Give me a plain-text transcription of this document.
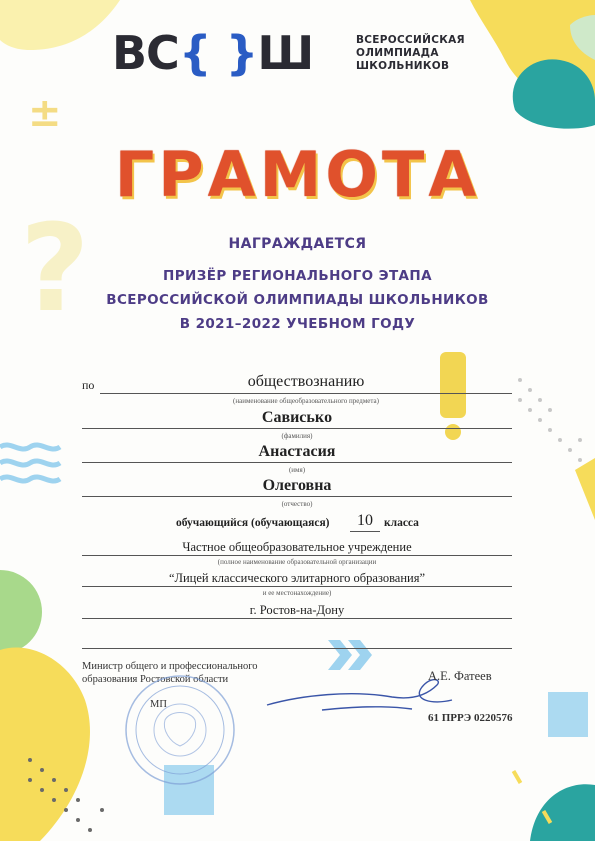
±
?
ВС{ }Ш	ВСЕРОССИЙСКАЯ
ОЛИМПИАДА
ШКОЛЬНИКОВ
ГРАМОТА
НАГРАЖДАЕТСЯ
ПРИЗЁР РЕГИОНАЛЬНОГО ЭТАПА
ВСЕРОССИЙСКОЙ ОЛИМПИАДЫ ШКОЛЬНИКОВ
В 2021–2022 УЧЕБНОМ ГОДУ
по	обществознанию
(наименование общеобразовательного предмета)
Сависькo
(фамилия)
Анастасия
(имя)
Олеговна
(отчество)
обучающийся (обучающаяся)	10 класса
Частное общеобразовательное учреждение
(полное наименование образовательной организации
“Лицей классического элитарного образования”
и ее местонахождение)
г. Ростов-на-Дону
Министр общего и профессионального
образования Ростовской области
МП
А.Е. Фатеев
61 ПРРЭ 0220576
